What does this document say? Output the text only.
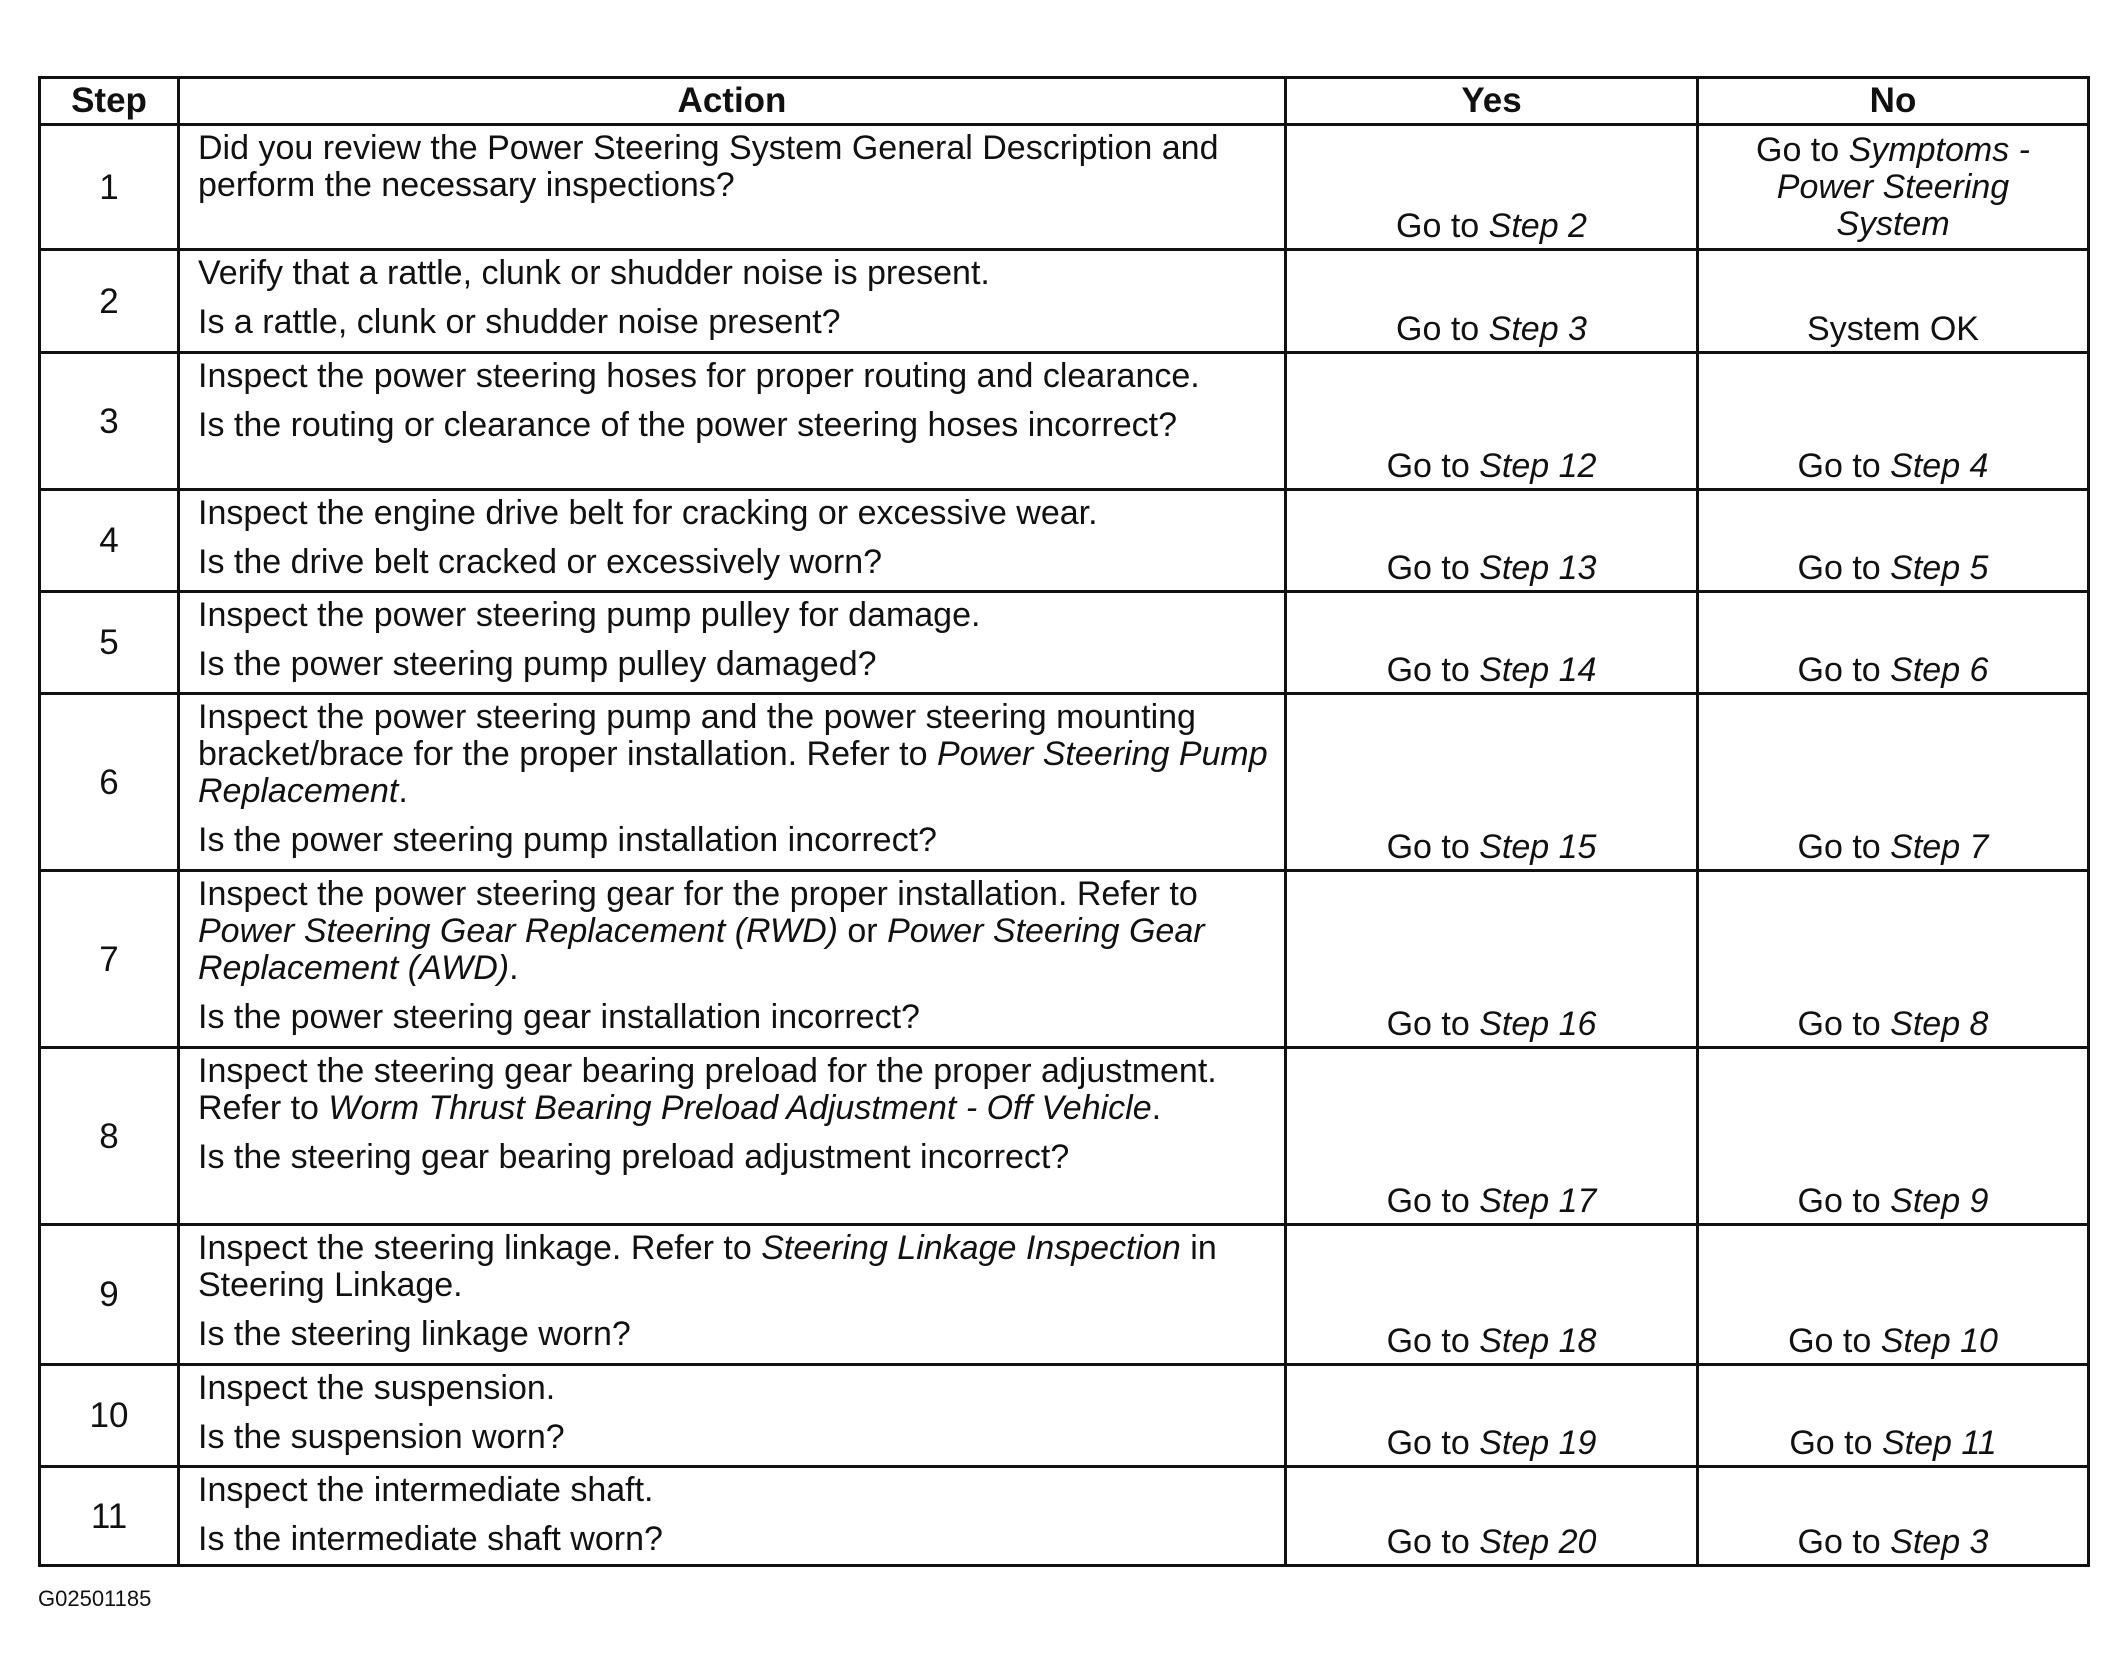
Step	Action	Yes	No
1	Did you review the Power Steering System General Description and perform the necessary inspections?	Go to Step 2	Go to Symptoms -
Power Steering
System

2	Verify that a rattle, clunk or shudder noise is present.
Is a rattle, clunk or shudder noise present?	Go to Step 3	System OK
3	Inspect the power steering hoses for proper routing and clearance.
Is the routing or clearance of the power steering hoses incorrect?	Go to Step 12	Go to Step 4
4	Inspect the engine drive belt for cracking or excessive wear.
Is the drive belt cracked or excessively worn?	Go to Step 13	Go to Step 5
5	Inspect the power steering pump pulley for damage.
Is the power steering pump pulley damaged?	Go to Step 14	Go to Step 6
6	Inspect the power steering pump and the power steering mounting bracket/brace for the proper installation. Refer to Power Steering Pump Replacement.
Is the power steering pump installation incorrect?	Go to Step 15	Go to Step 7
7	Inspect the power steering gear for the proper installation. Refer to Power Steering Gear Replacement (RWD) or Power Steering Gear Replacement (AWD).
Is the power steering gear installation incorrect?	Go to Step 16	Go to Step 8
8	Inspect the steering gear bearing preload for the proper adjustment. Refer to Worm Thrust Bearing Preload Adjustment - Off Vehicle.
Is the steering gear bearing preload adjustment incorrect?	Go to Step 17	Go to Step 9
9	Inspect the steering linkage. Refer to Steering Linkage Inspection in Steering Linkage.
Is the steering linkage worn?	Go to Step 18	Go to Step 10
10	Inspect the suspension.
Is the suspension worn?	Go to Step 19	Go to Step 11
11	Inspect the intermediate shaft.
Is the intermediate shaft worn?	Go to Step 20	Go to Step 3
G02501185
